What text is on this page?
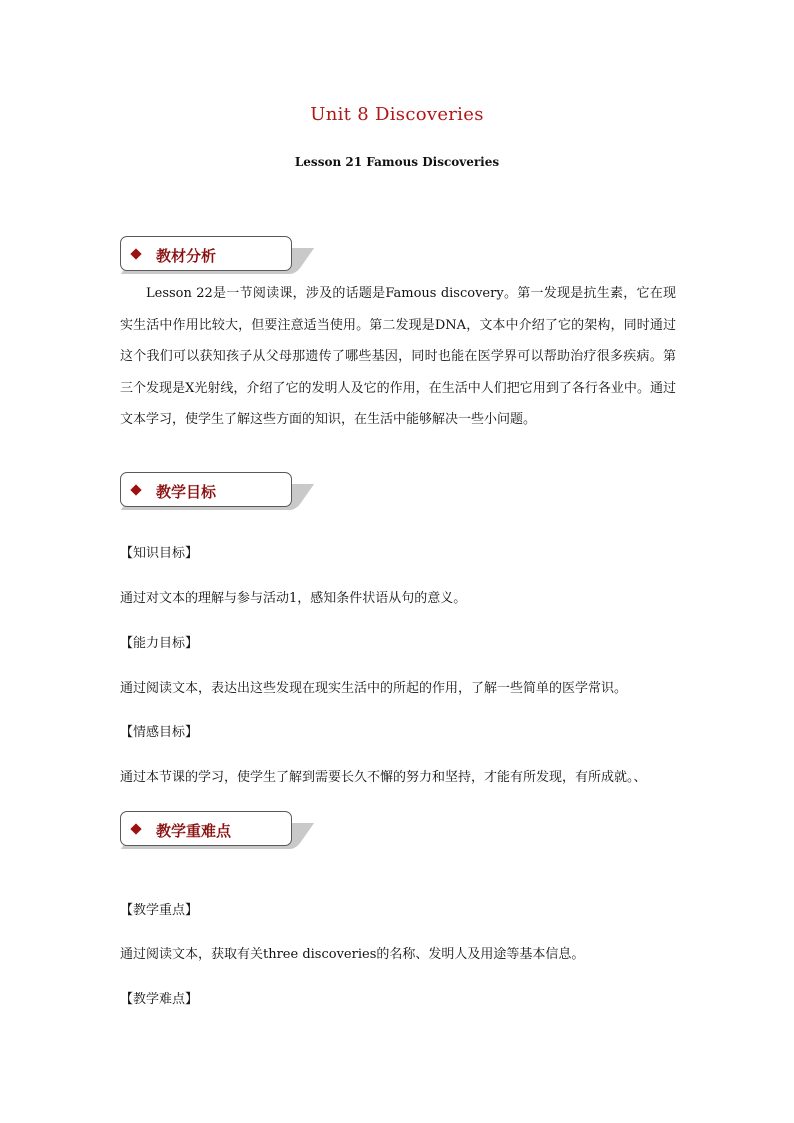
Unit 8 Discoveries
Lesson 21 Famous Discoveries
教材分析

Lesson 22是一节阅读课，涉及的话题是Famous discovery。第一发现是抗生素，它在现实生活中作用比较大，但要注意适当使用。第二发现是DNA，文本中介绍了它的架构，同时通过这个我们可以获知孩子从父母那遗传了哪些基因，同时也能在医学界可以帮助治疗很多疾病。第三个发现是X光射线，介绍了它的发明人及它的作用，在生活中人们把它用到了各行各业中。通过文本学习，使学生了解这些方面的知识，在生活中能够解决一些小问题。

教学目标
【知识目标】
通过对文本的理解与参与活动1，感知条件状语从句的意义。
【能力目标】
通过阅读文本，表达出这些发现在现实生活中的所起的作用，了解一些简单的医学常识。
【情感目标】
通过本节课的学习，使学生了解到需要长久不懈的努力和坚持，才能有所发现，有所成就。、
教学重难点
【教学重点】
通过阅读文本，获取有关three discoveries的名称、发明人及用途等基本信息。
【教学难点】
